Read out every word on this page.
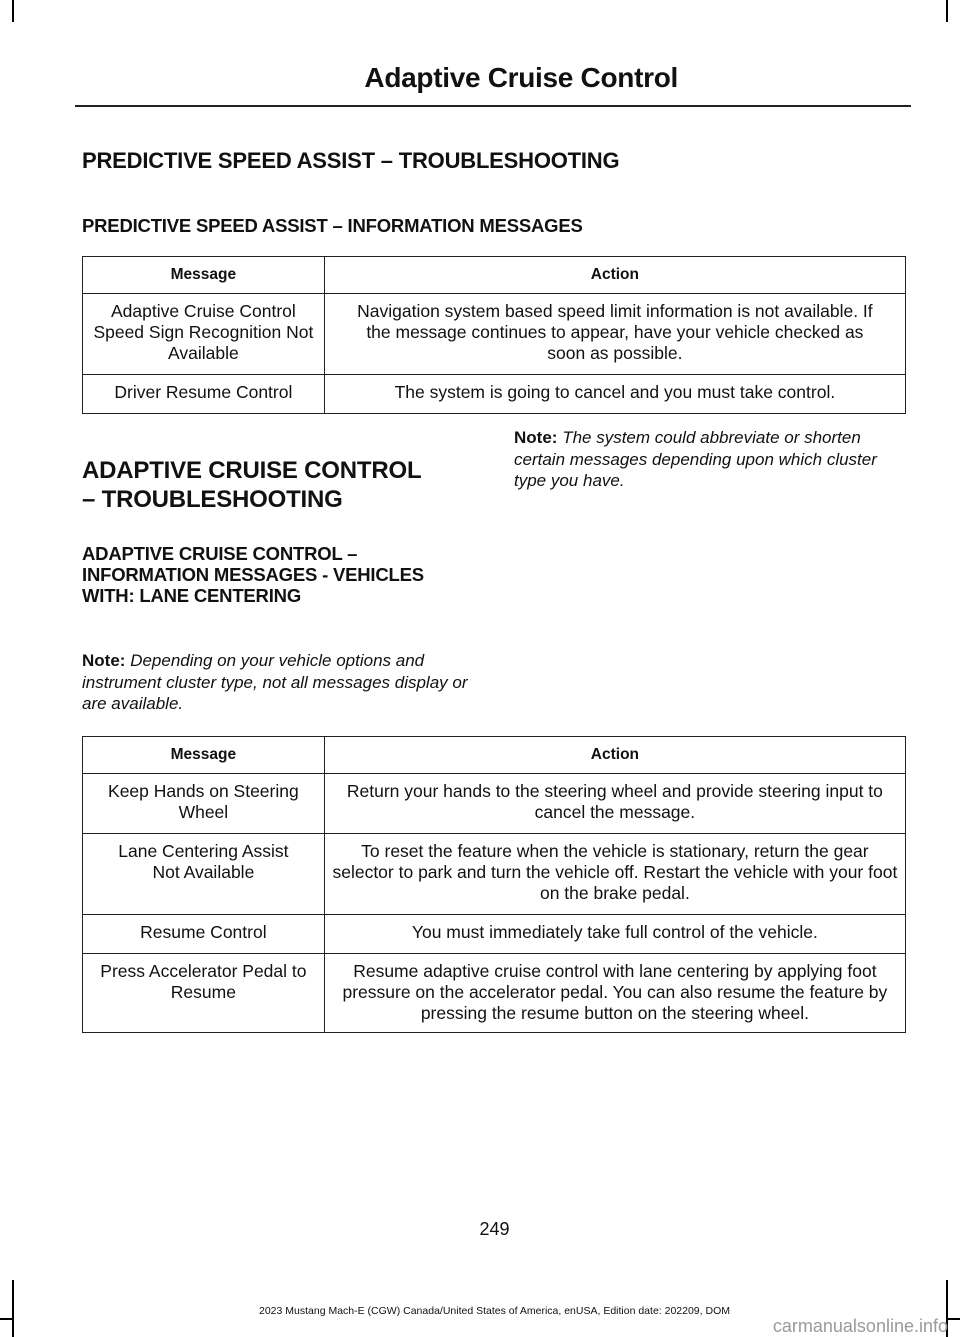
Adaptive Cruise Control
PREDICTIVE SPEED ASSIST – TROUBLESHOOTING
PREDICTIVE SPEED ASSIST – INFORMATION MESSAGES
Message	Action
Adaptive Cruise Control Speed Sign Recognition Not Available	Navigation system based speed limit information is not available. If the message continues to appear, have your vehicle checked as soon as possible.
Driver Resume Control	The system is going to cancel and you must take control.
ADAPTIVE CRUISE CONTROL
– TROUBLESHOOTING
ADAPTIVE CRUISE CONTROL – INFORMATION MESSAGES - VEHICLES WITH: LANE CENTERING

Note: Depending on your vehicle options and instrument cluster type, not all messages display or are available.

Note: The system could abbreviate or shorten certain messages depending upon which cluster type you have.

Message	Action
Keep Hands on Steering Wheel	Return your hands to the steering wheel and provide steering input to cancel the message.
Lane Centering Assist Not Available	To reset the feature when the vehicle is stationary, return the gear selector to park and turn the vehicle off. Restart the vehicle with your foot on the brake pedal.
Resume Control	You must immediately take full control of the vehicle.
Press Accelerator Pedal to Resume	Resume adaptive cruise control with lane centering by applying foot pressure on the accelerator pedal. You can also resume the feature by pressing the resume button on the steering wheel.
249
2023 Mustang Mach-E (CGW) Canada/United States of America, enUSA, Edition date: 202209, DOM
carmanualsonline.info
